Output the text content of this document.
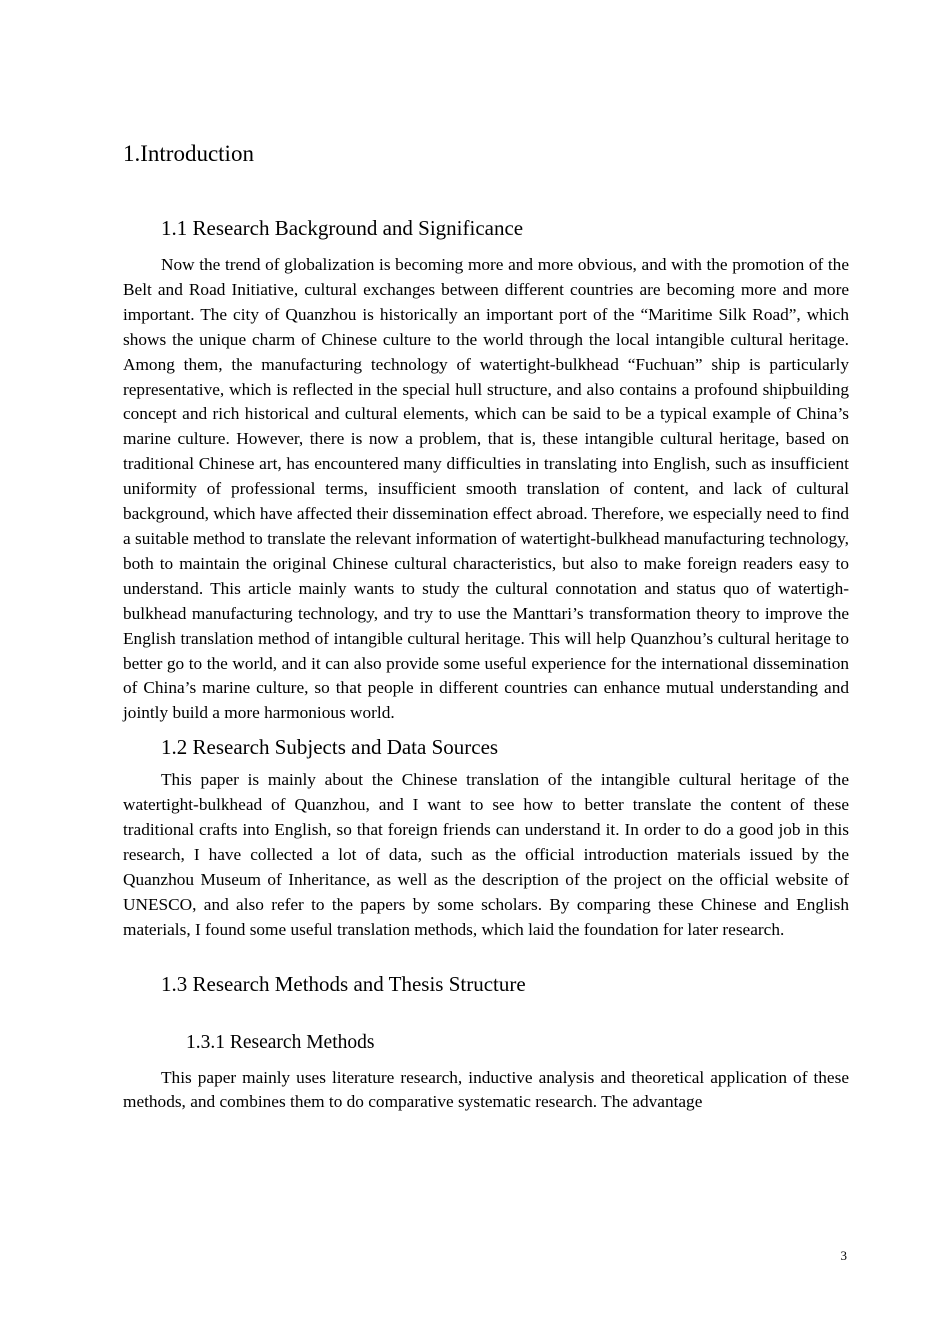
1.Introduction
1.1 Research Background and Significance

Now the trend of globalization is becoming more and more obvious, and with the promotion of the Belt and Road Initiative, cultural exchanges between different countries are becoming more and more important. The city of Quanzhou is historically an important port of the “Maritime Silk Road”, which shows the unique charm of Chinese culture to the world through the local intangible cultural heritage. Among them, the manufacturing technology of watertight-bulkhead “Fuchuan” ship is particularly representative, which is reflected in the special hull structure, and also contains a profound shipbuilding concept and rich historical and cultural elements, which can be said to be a typical example of China’s marine culture. However, there is now a problem, that is, these intangible cultural heritage, based on traditional Chinese art, has encountered many difficulties in translating into English, such as insufficient uniformity of professional terms, insufficient smooth translation of content, and lack of cultural background, which have affected their dissemination effect abroad. Therefore, we especially need to find a suitable method to translate the relevant information of watertight-bulkhead manufacturing technology, both to maintain the original Chinese cultural characteristics, but also to make foreign readers easy to understand. This article mainly wants to study the cultural connotation and status quo of watertigh-bulkhead manufacturing technology, and try to use the Manttari’s transformation theory to improve the English translation method of intangible cultural heritage. This will help Quanzhou’s cultural heritage to better go to the world, and it can also provide some useful experience for the international dissemination of China’s marine culture, so that people in different countries can enhance mutual understanding and jointly build a more harmonious world.

1.2 Research Subjects and Data Sources

This paper is mainly about the Chinese translation of the intangible cultural heritage of the watertight-bulkhead of Quanzhou, and I want to see how to better translate the content of these traditional crafts into English, so that foreign friends can understand it. In order to do a good job in this research, I have collected a lot of data, such as the official introduction materials issued by the Quanzhou Museum of Inheritance, as well as the description of the project on the official website of UNESCO, and also refer to the papers by some scholars. By comparing these Chinese and English materials, I found some useful translation methods, which laid the foundation for later research.

1.3 Research Methods and Thesis Structure
1.3.1 Research Methods

This paper mainly uses literature research, inductive analysis and theoretical application of these methods, and combines them to do comparative systematic research. The advantage

3
